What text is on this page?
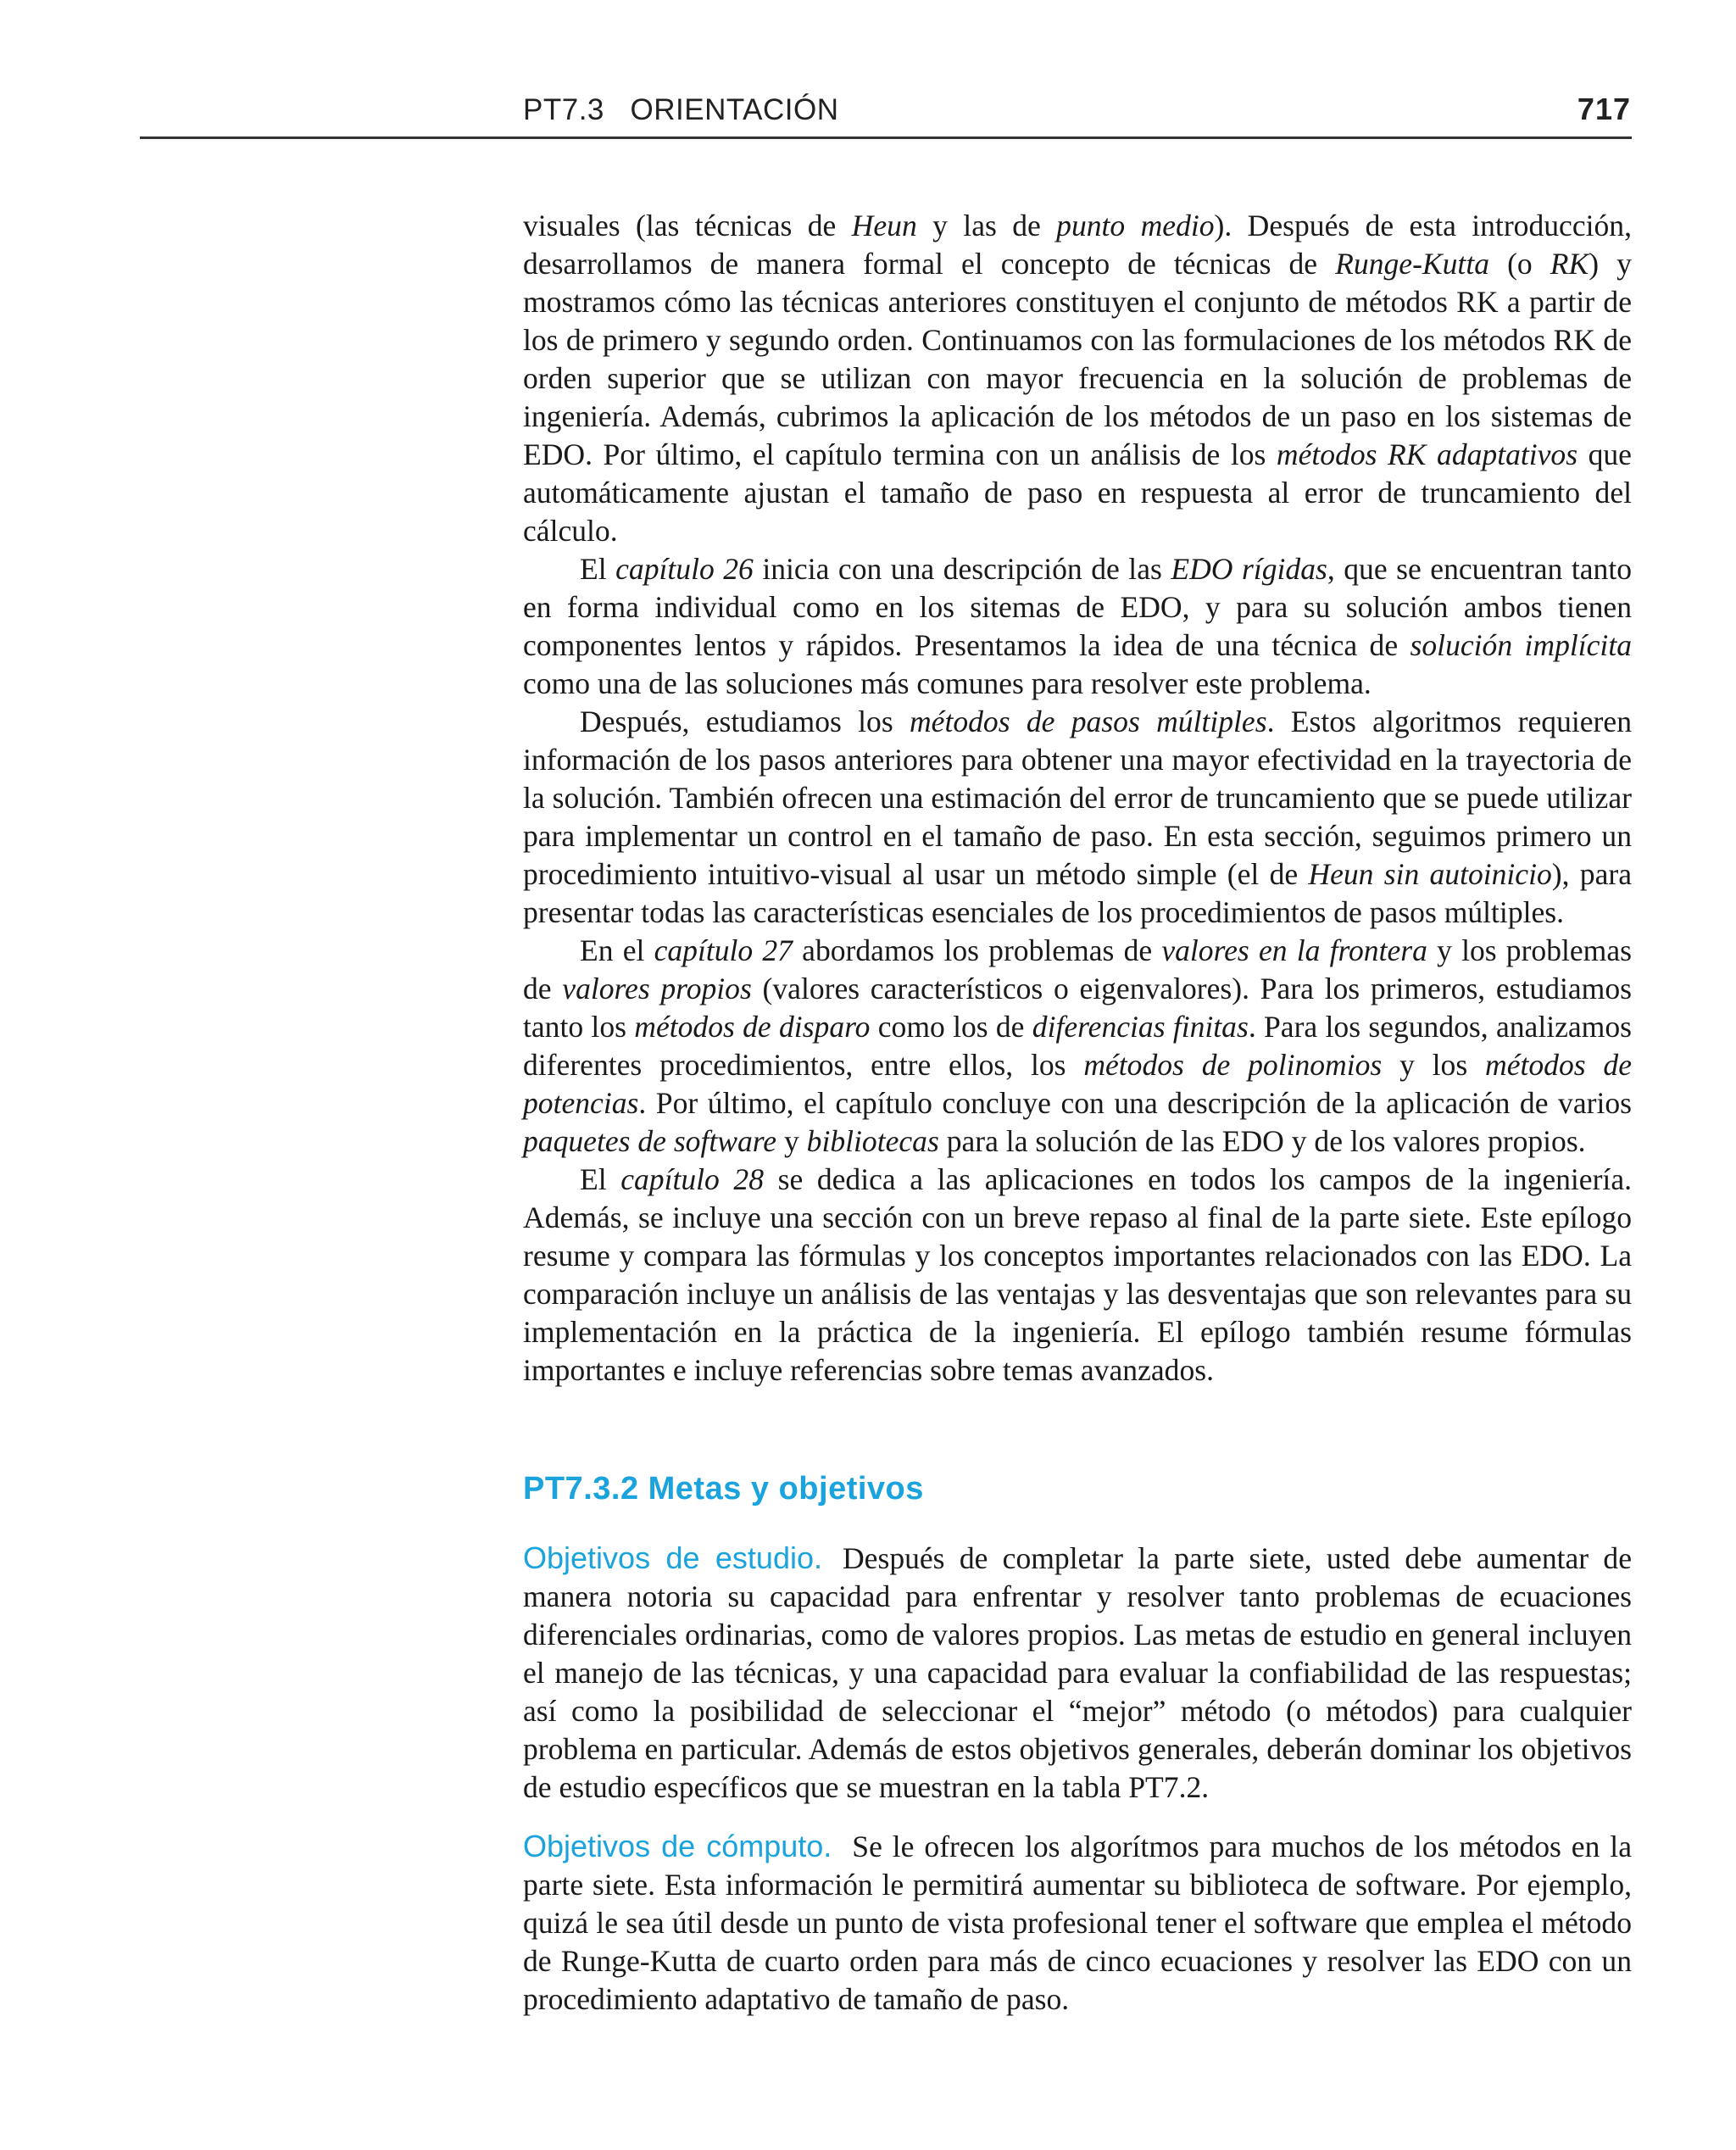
PT7.3   ORIENTACIÓN	717

visuales (las técnicas de Heun y las de punto medio). Después de esta introducción, desarrollamos de manera formal el concepto de técnicas de Runge-Kutta (o RK) y mostramos cómo las técnicas anteriores constituyen el conjunto de métodos RK a partir de los de primero y segundo orden. Continuamos con las formulaciones de los métodos RK de orden superior que se utilizan con mayor frecuencia en la solución de problemas de ingeniería. Además, cubrimos la aplicación de los métodos de un paso en los sistemas de EDO. Por último, el capítulo termina con un análisis de los métodos RK adaptativos que automáticamente ajustan el tamaño de paso en respuesta al error de truncamiento del cálculo.

El capítulo 26 inicia con una descripción de las EDO rígidas, que se encuentran tanto en forma individual como en los sitemas de EDO, y para su solución ambos tienen componentes lentos y rápidos. Presentamos la idea de una técnica de solución implícita como una de las soluciones más comunes para resolver este problema.

Después, estudiamos los métodos de pasos múltiples. Estos algoritmos requieren información de los pasos anteriores para obtener una mayor efectividad en la trayectoria de la solución. También ofrecen una estimación del error de truncamiento que se puede utilizar para implementar un control en el tamaño de paso. En esta sección, seguimos primero un procedimiento intuitivo-visual al usar un método simple (el de Heun sin autoinicio), para presentar todas las características esenciales de los procedimientos de pasos múltiples.

En el capítulo 27 abordamos los problemas de valores en la frontera y los problemas de valores propios (valores característicos o eigenvalores). Para los primeros, estudiamos tanto los métodos de disparo como los de diferencias finitas. Para los segundos, analizamos diferentes procedimientos, entre ellos, los métodos de polinomios y los métodos de potencias. Por último, el capítulo concluye con una descripción de la aplicación de varios paquetes de software y bibliotecas para la solución de las EDO y de los valores propios.

El capítulo 28 se dedica a las aplicaciones en todos los campos de la ingeniería. Además, se incluye una sección con un breve repaso al final de la parte siete. Este epílogo resume y compara las fórmulas y los conceptos importantes relacionados con las EDO. La comparación incluye un análisis de las ventajas y las desventajas que son relevantes para su implementación en la práctica de la ingeniería. El epílogo también resume fórmulas importantes e incluye referencias sobre temas avanzados.

PT7.3.2 Metas y objetivos

Objetivos de estudio. Después de completar la parte siete, usted debe aumentar de manera notoria su capacidad para enfrentar y resolver tanto problemas de ecuaciones diferenciales ordinarias, como de valores propios. Las metas de estudio en general incluyen el manejo de las técnicas, y una capacidad para evaluar la confiabilidad de las respuestas; así como la posibilidad de seleccionar el “mejor” método (o métodos) para cualquier problema en particular. Además de estos objetivos generales, deberán dominar los objetivos de estudio específicos que se muestran en la tabla PT7.2.

Objetivos de cómputo. Se le ofrecen los algorítmos para muchos de los métodos en la parte siete. Esta información le permitirá aumentar su biblioteca de software. Por ejemplo, quizá le sea útil desde un punto de vista profesional tener el software que emplea el método de Runge-Kutta de cuarto orden para más de cinco ecuaciones y resolver las EDO con un procedimiento adaptativo de tamaño de paso.
